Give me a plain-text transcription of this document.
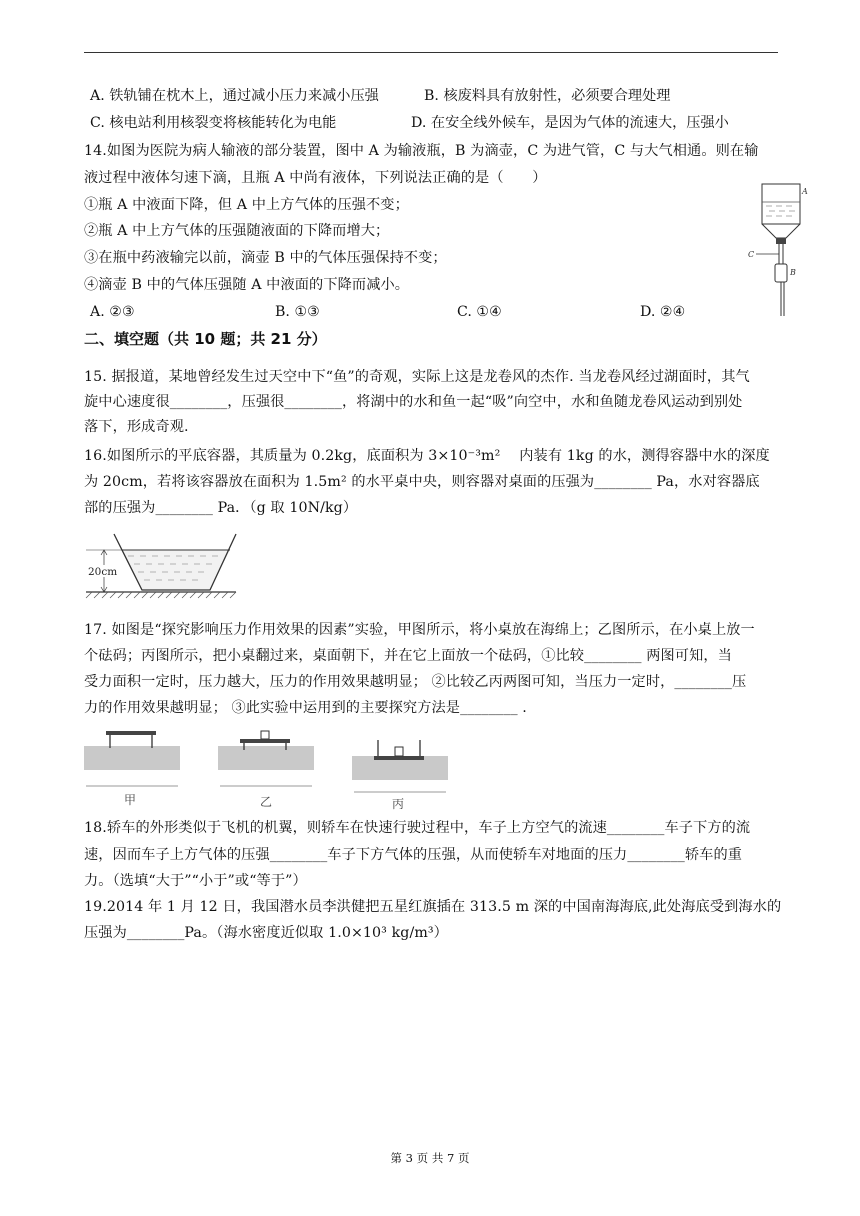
A. 铁轨铺在枕木上，通过减小压力来减小压强	B. 核废料具有放射性，必须要合理处理
C. 核电站利用核裂变将核能转化为电能	D. 在安全线外候车，是因为气体的流速大，压强小
14.如图为医院为病人输液的部分装置，图中 A 为输液瓶，B 为滴壶，C 为进气管，C 与大气相通。则在输
液过程中液体匀速下滴，且瓶 A 中尚有液体，下列说法正确的是（　　）
①瓶 A 中液面下降，但 A 中上方气体的压强不变；
②瓶 A 中上方气体的压强随液面的下降而增大；
③在瓶中药液输完以前，滴壶 B 中的气体压强保持不变；
④滴壶 B 中的气体压强随 A 中液面的下降而减小。
A. ②③	B. ①③	C. ①④	D. ②④
A
B
C
二、填空题（共 10 题；共 21 分）
15. 据报道，某地曾经发生过天空中下“鱼”的奇观，实际上这是龙卷风的杰作. 当龙卷风经过湖面时，其气
旋中心速度很________，压强很________，将湖中的水和鱼一起“吸”向空中，水和鱼随龙卷风运动到别处
落下，形成奇观.
16.如图所示的平底容器，其质量为 0.2kg，底面积为 3×10⁻³m²　 内装有 1kg 的水，测得容器中水的深度
为 20cm，若将该容器放在面积为 1.5m² 的水平桌中央，则容器对桌面的压强为________ Pa，水对容器底
部的压强为________ Pa．（g 取 10N/kg）
20cm
17. 如图是“探究影响压力作用效果的因素”实验，甲图所示，将小桌放在海绵上；乙图所示，在小桌上放一
个砝码；丙图所示，把小桌翻过来，桌面朝下，并在它上面放一个砝码，①比较________ 两图可知，当
受力面积一定时，压力越大，压力的作用效果越明显； ②比较乙丙两图可知，当压力一定时，________压
力的作用效果越明显； ③此实验中运用到的主要探究方法是________ .
甲	乙	丙
18.轿车的外形类似于飞机的机翼，则轿车在快速行驶过程中，车子上方空气的流速________车子下方的流
速，因而车子上方气体的压强________车子下方气体的压强，从而使轿车对地面的压力________轿车的重
力。（选填“大于”“小于”或“等于”）
19.2014 年 1 月 12 日，我国潜水员李洪健把五星红旗插在 313.5 m 深的中国南海海底,此处海底受到海水的
压强为________Pa。（海水密度近似取 1.0×10³ kg/m³）
第 3 页 共 7 页
